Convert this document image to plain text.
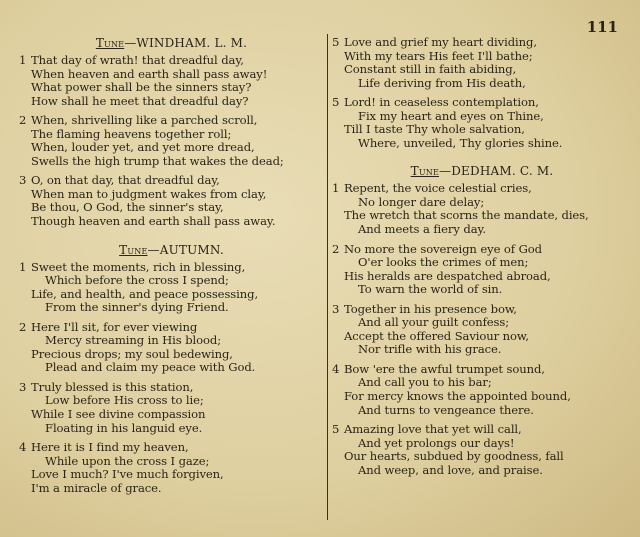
111
Tune—WINDHAM. L. M.
1 That day of wrath! that dreadful day,
When heaven and earth shall pass away!
What power shall be the sinners stay?
How shall he meet that dreadful day?
2 When, shrivelling like a parched scroll,
The flaming heavens together roll;
When, louder yet, and yet more dread,
Swells the high trump that wakes the dead;
3 O, on that day, that dreadful day,
When man to judgment wakes from clay,
Be thou, O God, the sinner's stay,
Though heaven and earth shall pass away.
Tune—AUTUMN.
1 Sweet the moments, rich in blessing,
Which before the cross I spend;
Life, and health, and peace possessing,
From the sinner's dying Friend.
2 Here I'll sit, for ever viewing
Mercy streaming in His blood;
Precious drops; my soul bedewing,
Plead and claim my peace with God.
3 Truly blessed is this station,
Low before His cross to lie;
While I see divine compassion
Floating in his languid eye.
4 Here it is I find my heaven,
While upon the cross I gaze;
Love I much? I've much forgiven,
I'm a miracle of grace.
5 Love and grief my heart dividing,
With my tears His feet I'll bathe;
Constant still in faith abiding,
Life deriving from His death,
5 Lord! in ceaseless contemplation,
Fix my heart and eyes on Thine,
Till I taste Thy whole salvation,
Where, unveiled, Thy glories shine.
Tune—DEDHAM. C. M.
1 Repent, the voice celestial cries,
No longer dare delay;
The wretch that scorns the mandate, dies,
And meets a fiery day.
2 No more the sovereign eye of God
O'er looks the crimes of men;
His heralds are despatched abroad,
To warn the world of sin.
3 Together in his presence bow,
And all your guilt confess;
Accept the offered Saviour now,
Nor trifle with his grace.
4 Bow 'ere the awful trumpet sound,
And call you to his bar;
For mercy knows the appointed bound,
And turns to vengeance there.
5 Amazing love that yet will call,
And yet prolongs our days!
Our hearts, subdued by goodness, fall
And weep, and love, and praise.
